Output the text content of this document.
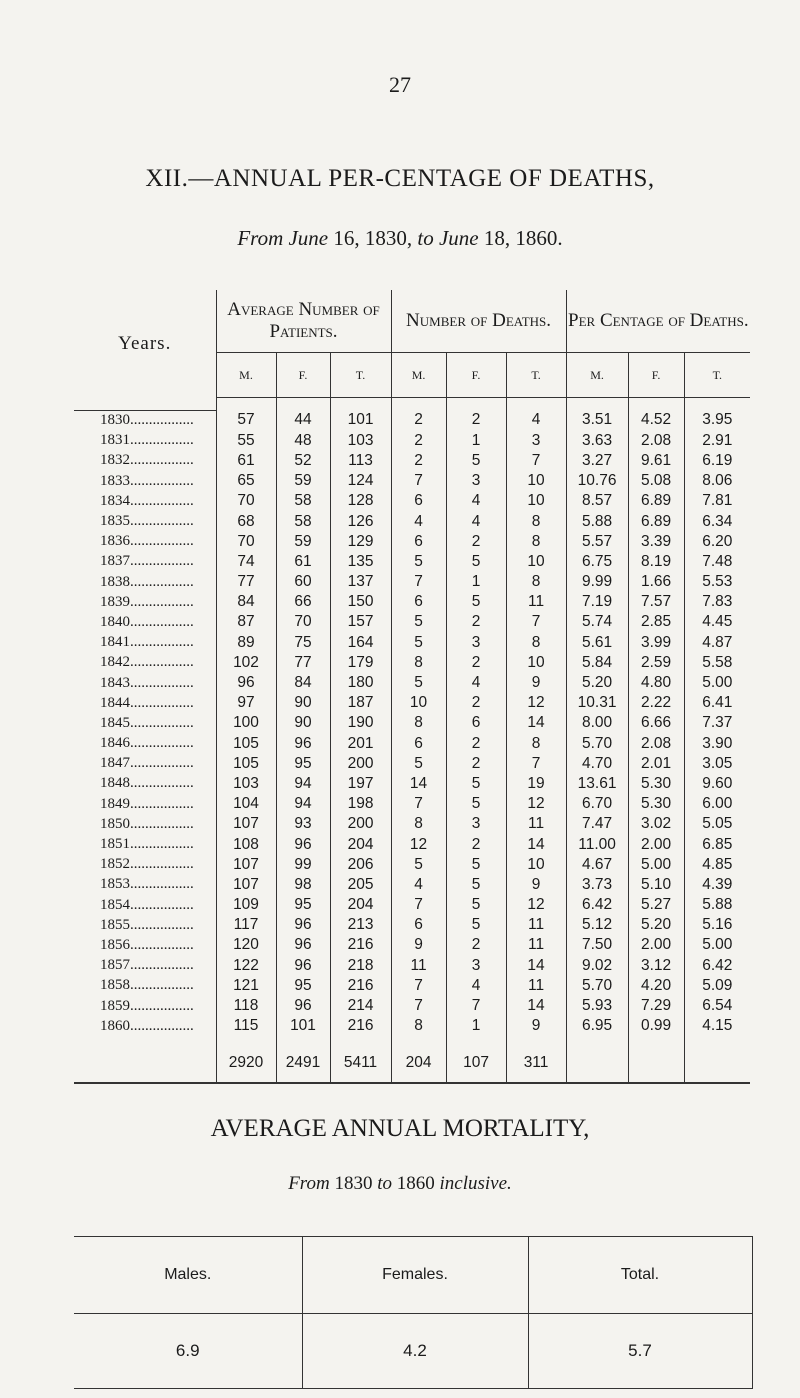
27
XII.—ANNUAL PER-CENTAGE OF DEATHS,
From June 16, 1830, to June 18, 1860.
Years.	Average Number of Patients.			Number of Deaths.			Per Centage of Deaths.		
	M.	F.	T.	M.	F.	T.	M.	F.	T.

1830.................	57	44	101	2	2	4	3.51	4.52	3.95
1831.................	55	48	103	2	1	3	3.63	2.08	2.91
1832.................	61	52	113	2	5	7	3.27	9.61	6.19
1833.................	65	59	124	7	3	10	10.76	5.08	8.06
1834.................	70	58	128	6	4	10	8.57	6.89	7.81
1835.................	68	58	126	4	4	8	5.88	6.89	6.34
1836.................	70	59	129	6	2	8	5.57	3.39	6.20
1837.................	74	61	135	5	5	10	6.75	8.19	7.48
1838.................	77	60	137	7	1	8	9.99	1.66	5.53
1839.................	84	66	150	6	5	11	7.19	7.57	7.83
1840.................	87	70	157	5	2	7	5.74	2.85	4.45
1841.................	89	75	164	5	3	8	5.61	3.99	4.87
1842.................	102	77	179	8	2	10	5.84	2.59	5.58
1843.................	96	84	180	5	4	9	5.20	4.80	5.00
1844.................	97	90	187	10	2	12	10.31	2.22	6.41
1845.................	100	90	190	8	6	14	8.00	6.66	7.37
1846.................	105	96	201	6	2	8	5.70	2.08	3.90
1847.................	105	95	200	5	2	7	4.70	2.01	3.05
1848.................	103	94	197	14	5	19	13.61	5.30	9.60
1849.................	104	94	198	7	5	12	6.70	5.30	6.00
1850.................	107	93	200	8	3	11	7.47	3.02	5.05
1851.................	108	96	204	12	2	14	11.00	2.00	6.85
1852.................	107	99	206	5	5	10	4.67	5.00	4.85
1853.................	107	98	205	4	5	9	3.73	5.10	4.39
1854.................	109	95	204	7	5	12	6.42	5.27	5.88
1855.................	117	96	213	6	5	11	5.12	5.20	5.16
1856.................	120	96	216	9	2	11	7.50	2.00	5.00
1857.................	122	96	218	11	3	14	9.02	3.12	6.42
1858.................	121	95	216	7	4	11	5.70	4.20	5.09
1859.................	118	96	214	7	7	14	5.93	7.29	6.54
1860.................	115	101	216	8	1	9	6.95	0.99	4.15

	2920	2491	5411	204	107	311			
AVERAGE ANNUAL MORTALITY,
From 1830 to 1860 inclusive.
Males.	Females.	Total.
6.9	4.2	5.7
